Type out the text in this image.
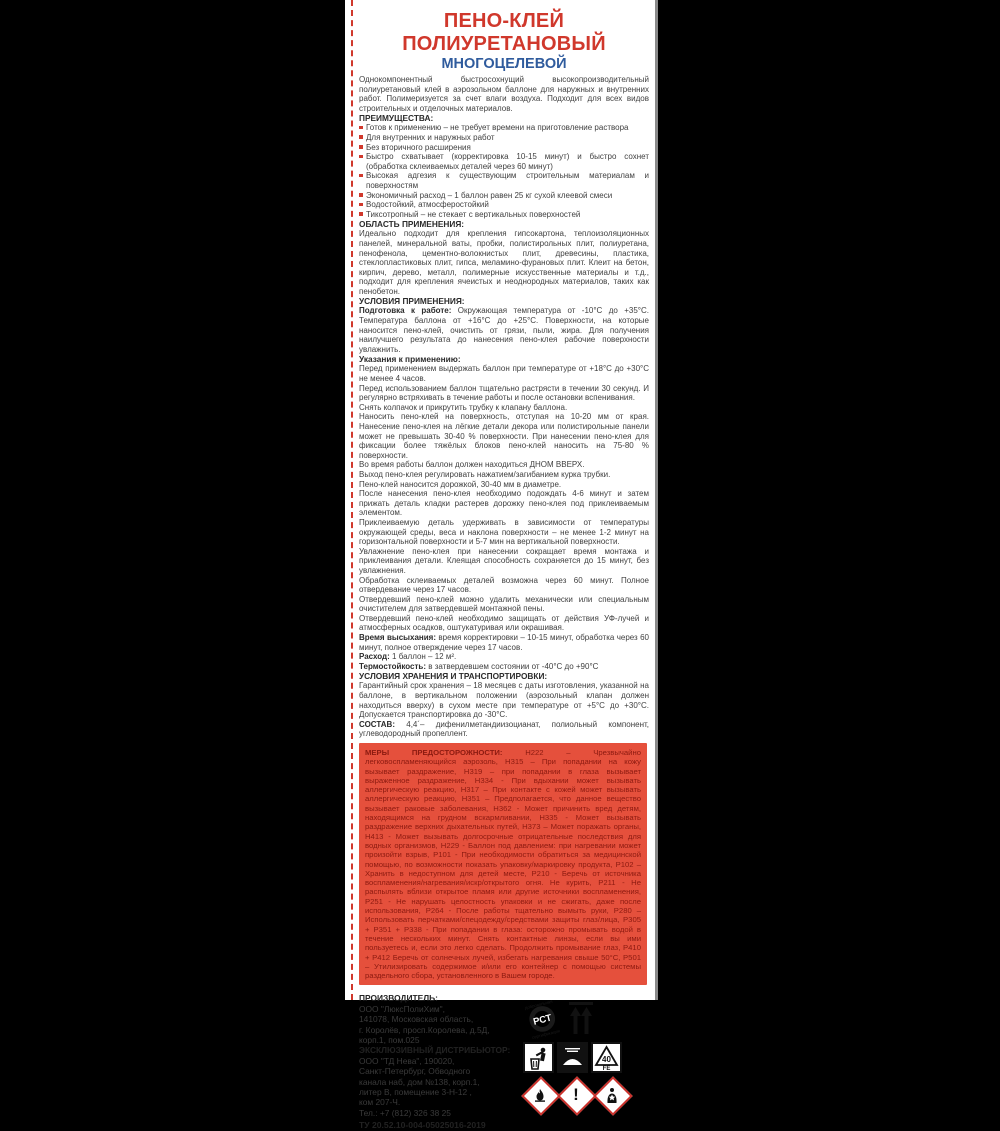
ПЕНО-КЛЕЙ ПОЛИУРЕТАНОВЫЙ
МНОГОЦЕЛЕВОЙ

Однокомпонентный быстросохнущий высокопроизводительный полиуретановый клей в аэрозольном баллоне для наружных и внутренних работ. Полимеризуется за счет влаги воздуха. Подходит для всех видов строительных и отделочных материалов.

ПРЕИМУЩЕСТВА:
Готов к применению – не требует времени на приготовление раствора
Для внутренних и наружных работ
Без вторичного расширения
Быстро схватывает (корректировка 10-15 минут) и быстро сохнет (обработка склеиваемых деталей через 60 минут)
Высокая адгезия к существующим строительным материалам и поверхностям
Экономичный расход – 1 баллон равен 25 кг сухой клеевой смеси
Водостойкий, атмосферостойкий
Тиксотропный – не стекает с вертикальных поверхностей
ОБЛАСТЬ ПРИМЕНЕНИЯ:

Идеально подходит для крепления гипсокартона, теплоизоляционных панелей, минеральной ваты, пробки, полистирольных плит, полиуретана, пенофенола, цементно-волокнистых плит, древесины, пластика, стеклопластиковых плит, гипса, меламино-фурановых плит. Клеит на бетон, кирпич, дерево, металл, полимерные искусственные материалы и т.д., подходит для крепления ячеистых и неоднородных материалов, таких как пенобетон.

УСЛОВИЯ ПРИМЕНЕНИЯ:

Подготовка к работе: Окружающая температура от -10°С до +35°С. Температура баллона от +16°С до +25°С. Поверхности, на которые наносится пено-клей, очистить от грязи, пыли, жира. Для получения наилучшего результата до нанесения пено-клея рабочие поверхности увлажнить.

Указания к применению:

Перед применением выдержать баллон при температуре от +18°С до +30°С не менее 4 часов.

Перед использованием баллон тщательно растрясти в течении 30 секунд. И регулярно встряхивать в течение работы и после остановки вспенивания.

Снять колпачок и прикрутить трубку к клапану баллона.

Наносить пено-клей на поверхность, отступая на 10-20 мм от края. Нанесение пено-клея на лёгкие детали декора или полистирольные панели может не превышать 30-40 % поверхности. При нанесении пено-клея для фиксации более тяжёлых блоков пено-клей наносить на 75-80 % поверхности.

Во время работы баллон должен находиться ДНОМ ВВЕРХ.

Выход пено-клея регулировать нажатием/загибанием курка трубки.

Пено-клей наносится дорожкой, 30-40 мм в диаметре.

После нанесения пено-клея необходимо подождать 4-6 минут и затем прижать деталь кладки растерев дорожку пено-клея под приклеиваемым элементом.

Приклеиваемую деталь удерживать в зависимости от температуры окружающей среды, веса и наклона поверхности – не менее 1-2 минут на горизонтальной поверхности и 5-7 мин на вертикальной поверхности.

Увлажнение пено-клея при нанесении сокращает время монтажа и приклеивания детали. Клеящая способность сохраняется до 15 минут, без увлажнения.

Обработка склеиваемых деталей возможна через 60 минут. Полное отвердевание через 17 часов.

Отвердевший пено-клей можно удалить механически или специальным очистителем для затвердевшей монтажной пены.

Отвердевший пено-клей необходимо защищать от действия УФ-лучей и атмосферных осадков, оштукатуривая или окрашивая.

Время высыхания: время корректировки – 10-15 минут, обработка через 60 минут, полное отверждение через 17 часов.

Расход: 1 баллон – 12 м².

Термостойкость: в затвердевшем состоянии от -40°С до +90°С

УСЛОВИЯ ХРАНЕНИЯ И ТРАНСПОРТИРОВКИ:

Гарантийный срок хранения – 18 месяцев с даты изготовления, указанной на баллоне, в вертикальном положении (аэрозольный клапан должен находиться вверху) в сухом месте при температуре от +5°С до +30°С. Допускается транспортировка до -30°С.

СОСТАВ: 4,4´– дифенилметандиизоцианат, полиольный компонент, углеводородный пропеллент.

МЕРЫ ПРЕДОСТОРОЖНОСТИ: Н222 – Чрезвычайно легковоспламеняющийся аэрозоль, Н315 – При попадании на кожу вызывает раздражение, Н319 – при попадании в глаза вызывает выраженное раздражение, Н334 - При вдыхании может вызывать аллергическую реакцию, Н317 – При контакте с кожей может вызывать аллергическую реакцию, Н351 – Предполагается, что данное вещество вызывает раковые заболевания, Н362 - Может причинить вред детям, находящимся на грудном вскармливании, Н335 - Может вызывать раздражение верхних дыхательных путей, Н373 – Может поражать органы, Н413 - Может вызывать долгосрочные отрицательные последствия для водных организмов, Н229 - Баллон под давлением: при нагревании может произойти взрыв, Р101 - При необходимости обратиться за медицинской помощью, по возможности показать упаковку/маркировку продукта, Р102 – Хранить в недоступном для детей месте, Р210 - Беречь от источника воспламенения/нагревания/искр/открытого огня. Не курить, Р211 - Не распылять вблизи открытое пламя или другие источники воспламенения, Р251 - Не нарушать целостность упаковки и не сжигать, даже после использования, Р264 - После работы тщательно вымыть руки, Р280 – Использовать перчатками/спецодежду/средствами защиты глаз/лица, Р305 + Р351 + Р338 - При попадании в глаза: осторожно промывать водой в течение нескольких минут. Снять контактные линзы, если вы ими пользуетесь и, если это легко сделать. Продолжить промывание глаз, Р410 + Р412 Беречь от солнечных лучей, избегать нагревания свыше 50°С, Р501 – Утилизировать содержимое и/или его контейнер с помощью системы раздельного сбора, установленного в Вашем городе.
ПРОИЗВОДИТЕЛЬ:
ООО "ЛюксПолиХим",
141078, Московская область,
г. Королёв, просп.Королева, д.5Д,
корп.1, пом.025
ЭКСКЛЮЗИВНЫЙ ДИСТРИБЬЮТОР:
ООО "ТД Нева", 190020,
Санкт-Петербург, Обводного
канала наб, дом №138, корп.1,
литер В, помещение 3-Н-12 ,
ком 207-Ч.
Тел.: +7 (812) 326 38 25
ТУ 20.52.10-004-05025016-2019
РСТ
добровольная
сертификация
40
FE
!
